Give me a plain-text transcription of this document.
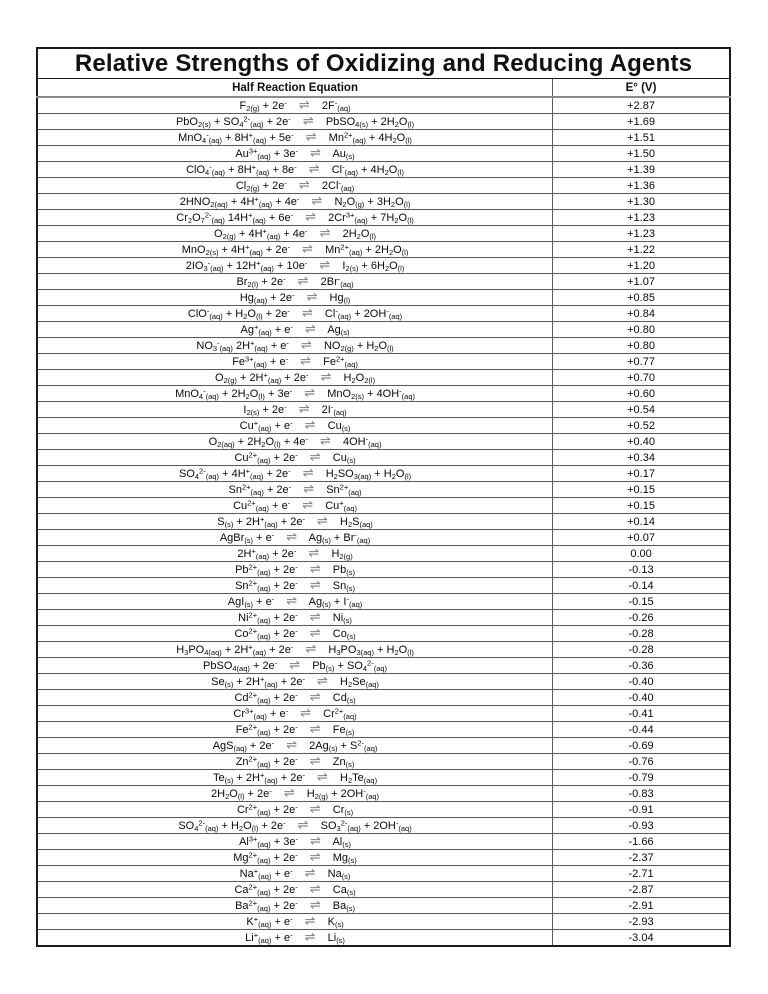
Relative Strengths of Oxidizing and Reducing Agents	
Half Reaction Equation	E° (V)
$F_{2(g)} + 2e^-$ ⇌ $2F^-_{(aq)}$	+2.87
$PbO_{2(s)} + SO_4^{2-}_{(aq)} + 2e^-$ ⇌ PbSO$_{4(s)}$ + $2H_2O_{(l)}$	+1.69
$MnO_4^-_{(aq)} + 8H^+_{(aq)} + 5e^-$ ⇌ $Mn^{2+}_{(aq)} + 4H_2O_{(l)}$	+1.51
$Au^{3+}_{(aq)} + 3e^-$ ⇌ $Au_{(s)}$	+1.50
$ClO_4^-_{(aq)} + 8H^+_{(aq)} + 8e^-$ ⇌ $Cl^-_{(aq)} + 4H_2O_{(l)}$	+1.39
$Cl_{2(g)} + 2e^-$ ⇌ $2Cl^-_{(aq)}$	+1.36
$2HNO_{2(aq)} + 4H^+_{(aq)} + 4e^-$ ⇌ $N_2O_{(g)} + 3H_2O_{(l)}$	+1.30
$Cr_2O_7^{2-}_{(aq)}$ $14H^+_{(aq)} + 6e^-$ ⇌ $2Cr^{3+}_{(aq)} + 7H_2O_{(l)}$	+1.23
$O_{2(g)} + 4H^+_{(aq)} + 4e^-$ ⇌ $2H_2O_{(l)}$	+1.23
$MnO_{2(s)} + 4H^+_{(aq)} + 2e^-$ ⇌ $Mn^{2+}_{(aq)} + 2H_2O_{(l)}$	+1.22
$2IO_3^-_{(aq)} + 12H^+_{(aq)} + 10e^-$ ⇌ $I_{2(s)} + 6H_2O_{(l)}$	+1.20
$Br_{2(l)} + 2e^-$ ⇌ $2Br^-_{(aq)}$	+1.07
$Hg_{(aq)} + 2e^-$ ⇌ $Hg_{(l)}$	+0.85
$ClO^-_{(aq)} + H_2O_{(l)} + 2e^-$ ⇌ $Cl^-_{(aq)} + 2OH^-_{(aq)}$	+0.84
$Ag^+_{(aq)} + e^-$ ⇌ $Ag_{(s)}$	+0.80
$NO_3^-_{(aq)}$ $2H^+_{(aq)} + e^-$ ⇌ $NO_{2(g)} + H_2O_{(l)}$	+0.80
$Fe^{3+}_{(aq)} + e^-$ ⇌ $Fe^{2+}_{(aq)}$	+0.77
$O_{2(g)} + 2H^+_{(aq)} + 2e^-$ ⇌ $H_2O_{2(l)}$	+0.70
$MnO_4^-_{(aq)} + 2H_2O_{(l)} + 3e^-$ ⇌ $MnO_{2(s)} + 4OH^-_{(aq)}$	+0.60
$I_{2(s)} + 2e^-$ ⇌ $2I^-_{(aq)}$	+0.54
$Cu^+_{(aq)} + e^-$ ⇌ $Cu_{(s)}$	+0.52
$O_{2(aq)} + 2H_2O_{(l)} + 4e^-$ ⇌ $4OH^-_{(aq)}$	+0.40
$Cu^{2+}_{(aq)} + 2e^-$ ⇌ $Cu_{(s)}$	+0.34
$SO_4^{2-}_{(aq)} + 4H^+_{(aq)} + 2e^-$ ⇌ $H_2SO_{3(aq)} + H_2O_{(l)}$	+0.17
$Sn^{2+}_{(aq)} + 2e^-$ ⇌ $Sn^{2+}_{(aq)}$	+0.15
$Cu^{2+}_{(aq)} + e^-$ ⇌ $Cu^+_{(aq)}$	+0.15
$S_{(s)} + 2H^+_{(aq)} + 2e^-$ ⇌ $H_2S_{(aq)}$	+0.14
AgBr$_{(s)}$ + e- ⇌ $Ag_{(s)} + Br^-_{(aq)}$	+0.07
$2H^+_{(aq)} + 2e^-$ ⇌ $H_{2(g)}$	0.00
$Pb^{2+}_{(aq)} + 2e^-$ ⇌ $Pb_{(s)}$	-0.13
$Sn^{2+}_{(aq)} + 2e^-$ ⇌ $Sn_{(s)}$	-0.14
AgI$_{(s)}$ + e- ⇌ $Ag_{(s)} + I^-_{(aq)}$	-0.15
$Ni^{2+}_{(aq)} + 2e^-$ ⇌ $Ni_{(s)}$	-0.26
$Co^{2+}_{(aq)} + 2e^-$ ⇌ $Co_{(s)}$	-0.28
$H_3PO_{4(aq)} + 2H^+_{(aq)} + 2e^-$ ⇌ $H_3PO_{3(aq)} + H_2O_{(l)}$	-0.28
PbSO$_{4(aq)}$ + 2e- ⇌ $Pb_{(s)} + SO_4^{2-}_{(aq)}$	-0.36
$Se_{(s)} + 2H^+_{(aq)} + 2e^-$ ⇌ $H_2Se_{(aq)}$	-0.40
$Cd^{2+}_{(aq)} + 2e^-$ ⇌ $Cd_{(s)}$	-0.40
$Cr^{3+}_{(aq)} + e^-$ ⇌ $Cr^{2+}_{(aq)}$	-0.41
$Fe^{2+}_{(aq)} + 2e^-$ ⇌ $Fe_{(s)}$	-0.44
AgS$_{(aq)}$ + 2e- ⇌ $2Ag_{(s)} + S^{2-}_{(aq)}$	-0.69
$Zn^{2+}_{(aq)} + 2e^-$ ⇌ $Zn_{(s)}$	-0.76
$Te_{(s)} + 2H^+_{(aq)} + 2e^-$ ⇌ $H_2Te_{(aq)}$	-0.79
$2H_2O_{(l)} + 2e^-$ ⇌ $H_{2(g)} + 2OH^-_{(aq)}$	-0.83
$Cr^{2+}_{(aq)} + 2e^-$ ⇌ $Cr_{(s)}$	-0.91
$SO_4^{2-}_{(aq)} + H_2O_{(l)} + 2e^-$ ⇌ $SO_3^{2-}_{(aq)} + 2OH^-_{(aq)}$	-0.93
$Al^{3+}_{(aq)} + 3e^-$ ⇌ $Al_{(s)}$	-1.66
$Mg^{2+}_{(aq)} + 2e^-$ ⇌ $Mg_{(s)}$	-2.37
$Na^+_{(aq)} + e^-$ ⇌ $Na_{(s)}$	-2.71
$Ca^{2+}_{(aq)} + 2e^-$ ⇌ $Ca_{(s)}$	-2.87
$Ba^{2+}_{(aq)} + 2e^-$ ⇌ $Ba_{(s)}$	-2.91
$K^+_{(aq)} + e^-$ ⇌ $K_{(s)}$	-2.93
$Li^+_{(aq)} + e^-$ ⇌ $Li_{(s)}$	-3.04
